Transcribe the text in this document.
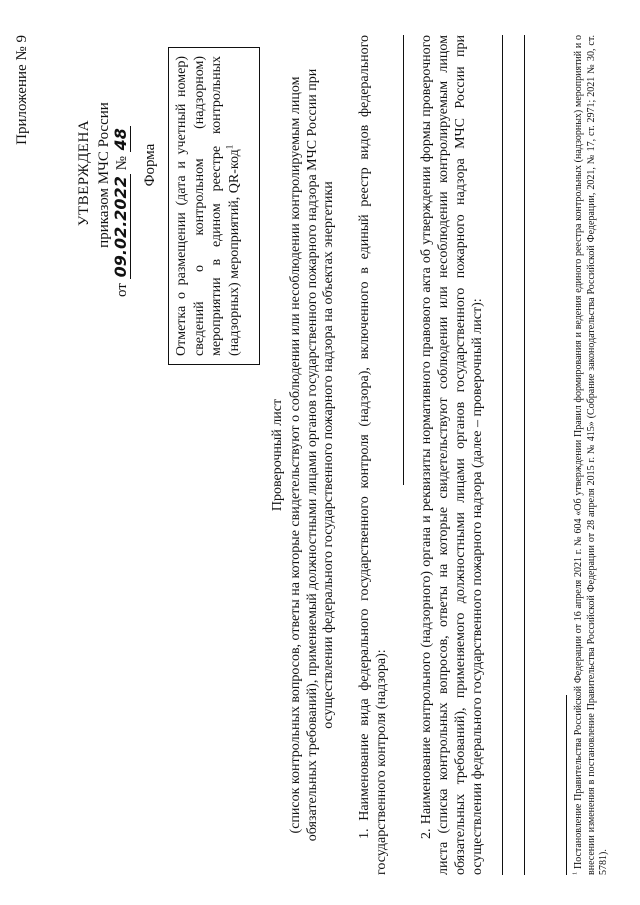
Приложение № 9
УТВЕРЖДЕНА приказом МЧС России
от 09.02.2022 № 48
Форма	Отметка о размещении (дата и учетный номер) сведений о контрольном (надзорном) мероприятии в едином реестре контрольных (надзорных) мероприятий, QR-код$^1$
Проверочный лист (список контрольных вопросов, ответы на которые свидетельствуют о соблюдении или несоблюдении контролируемым лицом обязательных требований), применяемый должностными лицами органов государственного пожарного надзора МЧС России при осуществлении федерального государственного пожарного надзора на объектах энергетики 1. Наименование вида федерального государственного контроля (надзора), включенного в единый реестр видов федерального государственного контроля (надзора): 2. Наименование контрольного (надзорного) органа и реквизиты нормативного правового акта об утверждении формы проверочного листа (списка контрольных вопросов, ответы на которые свидетельствуют соблюдении или несоблюдении контролируемым лицом обязательных требований), применяемого должностными лицами органов государственного пожарного надзора МЧС России при осуществлении федерального государственного пожарного надзора (далее – проверочный лист):	$^1$ Постановление Правительства Российской Федерации от 16 апреля 2021 г. № 604 «Об утверждении Правил формирования и ведения единого реестра контрольных (надзорных) мероприятий и о внесении изменения в постановление Правительства Российской Федерации от 28 апреля 2015 г. № 415» (Собрание законодательства Российской Федерации, 2021, № 17, ст. 2971; 2021 № 30, ст. 5781).
